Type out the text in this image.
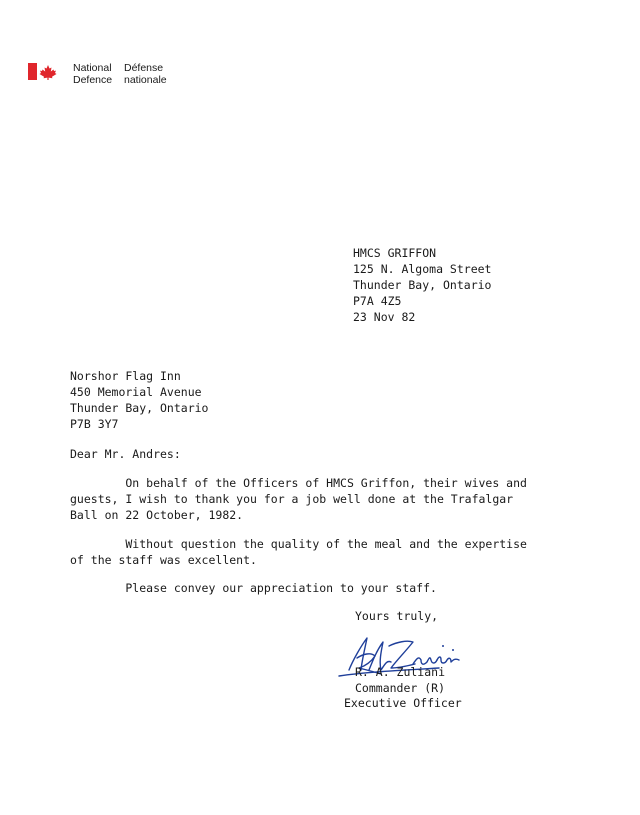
National
Defence
Défense
nationale
HMCS GRIFFON
125 N. Algoma Street
Thunder Bay, Ontario
P7A 4Z5
23 Nov 82
Norshor Flag Inn
450 Memorial Avenue
Thunder Bay, Ontario
P7B 3Y7
Dear Mr. Andres:
On behalf of the Officers of HMCS Griffon, their wives and
guests, I wish to thank you for a job well done at the Trafalgar
Ball on 22 October, 1982.
Without question the quality of the meal and the expertise
of the staff was excellent.
Please convey our appreciation to your staff.
Yours truly,
R. A. Zuliani
Commander (R)
Executive Officer
